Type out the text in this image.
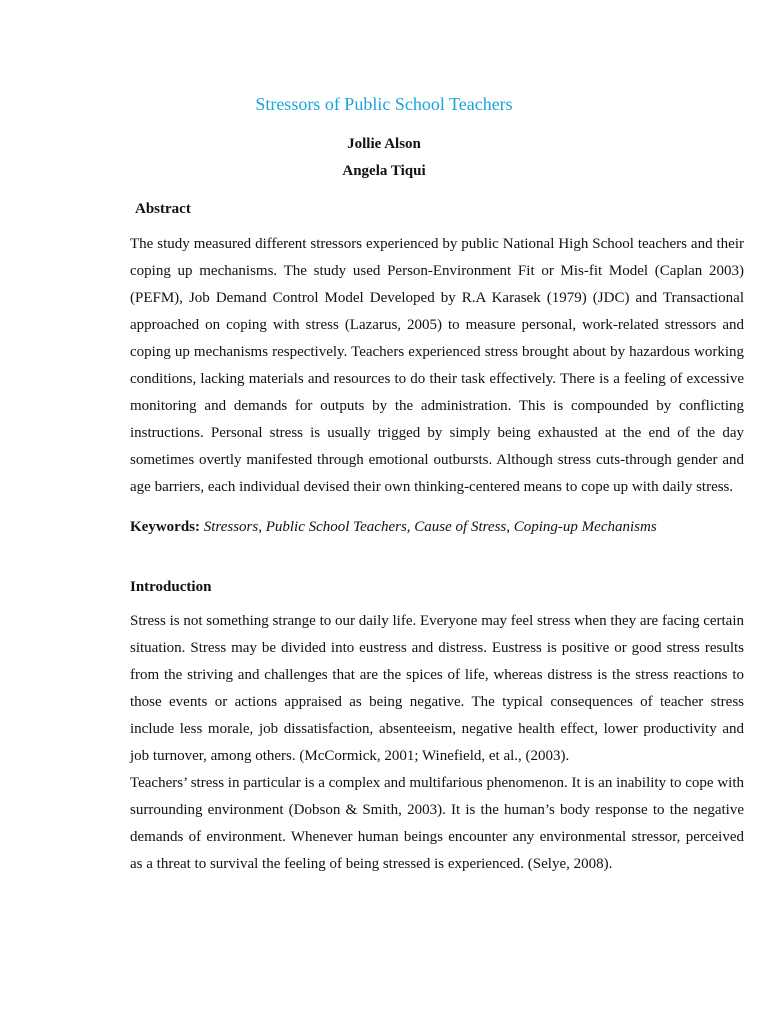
Stressors of Public School Teachers

Jollie Alson

Angela Tiqui

Abstract

The study measured different stressors experienced by public National High School teachers and their coping up mechanisms. The study used Person-Environment Fit or Mis-fit Model (Caplan 2003) (PEFM), Job Demand Control Model Developed by R.A Karasek (1979) (JDC) and Transactional approached on coping with stress (Lazarus, 2005) to measure personal, work-related stressors and coping up mechanisms respectively. Teachers experienced stress brought about by hazardous working conditions, lacking materials and resources to do their task effectively. There is a feeling of excessive monitoring and demands for outputs by the administration. This is compounded by conflicting instructions. Personal stress is usually trigged by simply being exhausted at the end of the day sometimes overtly manifested through emotional outbursts. Although stress cuts-through gender and age barriers, each individual devised their own thinking-centered means to cope up with daily stress.

Keywords: Stressors, Public School Teachers, Cause of Stress, Coping-up Mechanisms

Introduction

Stress is not something strange to our daily life. Everyone may feel stress when they are facing certain situation. Stress may be divided into eustress and distress. Eustress is positive or good stress results from the striving and challenges that are the spices of life, whereas distress is the stress reactions to those events or actions appraised as being negative. The typical consequences of teacher stress include less morale, job dissatisfaction, absenteeism, negative health effect, lower productivity and job turnover, among others. (McCormick, 2001; Winefield, et al., (2003).

Teachers’ stress in particular is a complex and multifarious phenomenon. It is an inability to cope with surrounding environment (Dobson & Smith, 2003). It is the human’s body response to the negative demands of environment. Whenever human beings encounter any environmental stressor, perceived as a threat to survival the feeling of being stressed is experienced. (Selye, 2008).
